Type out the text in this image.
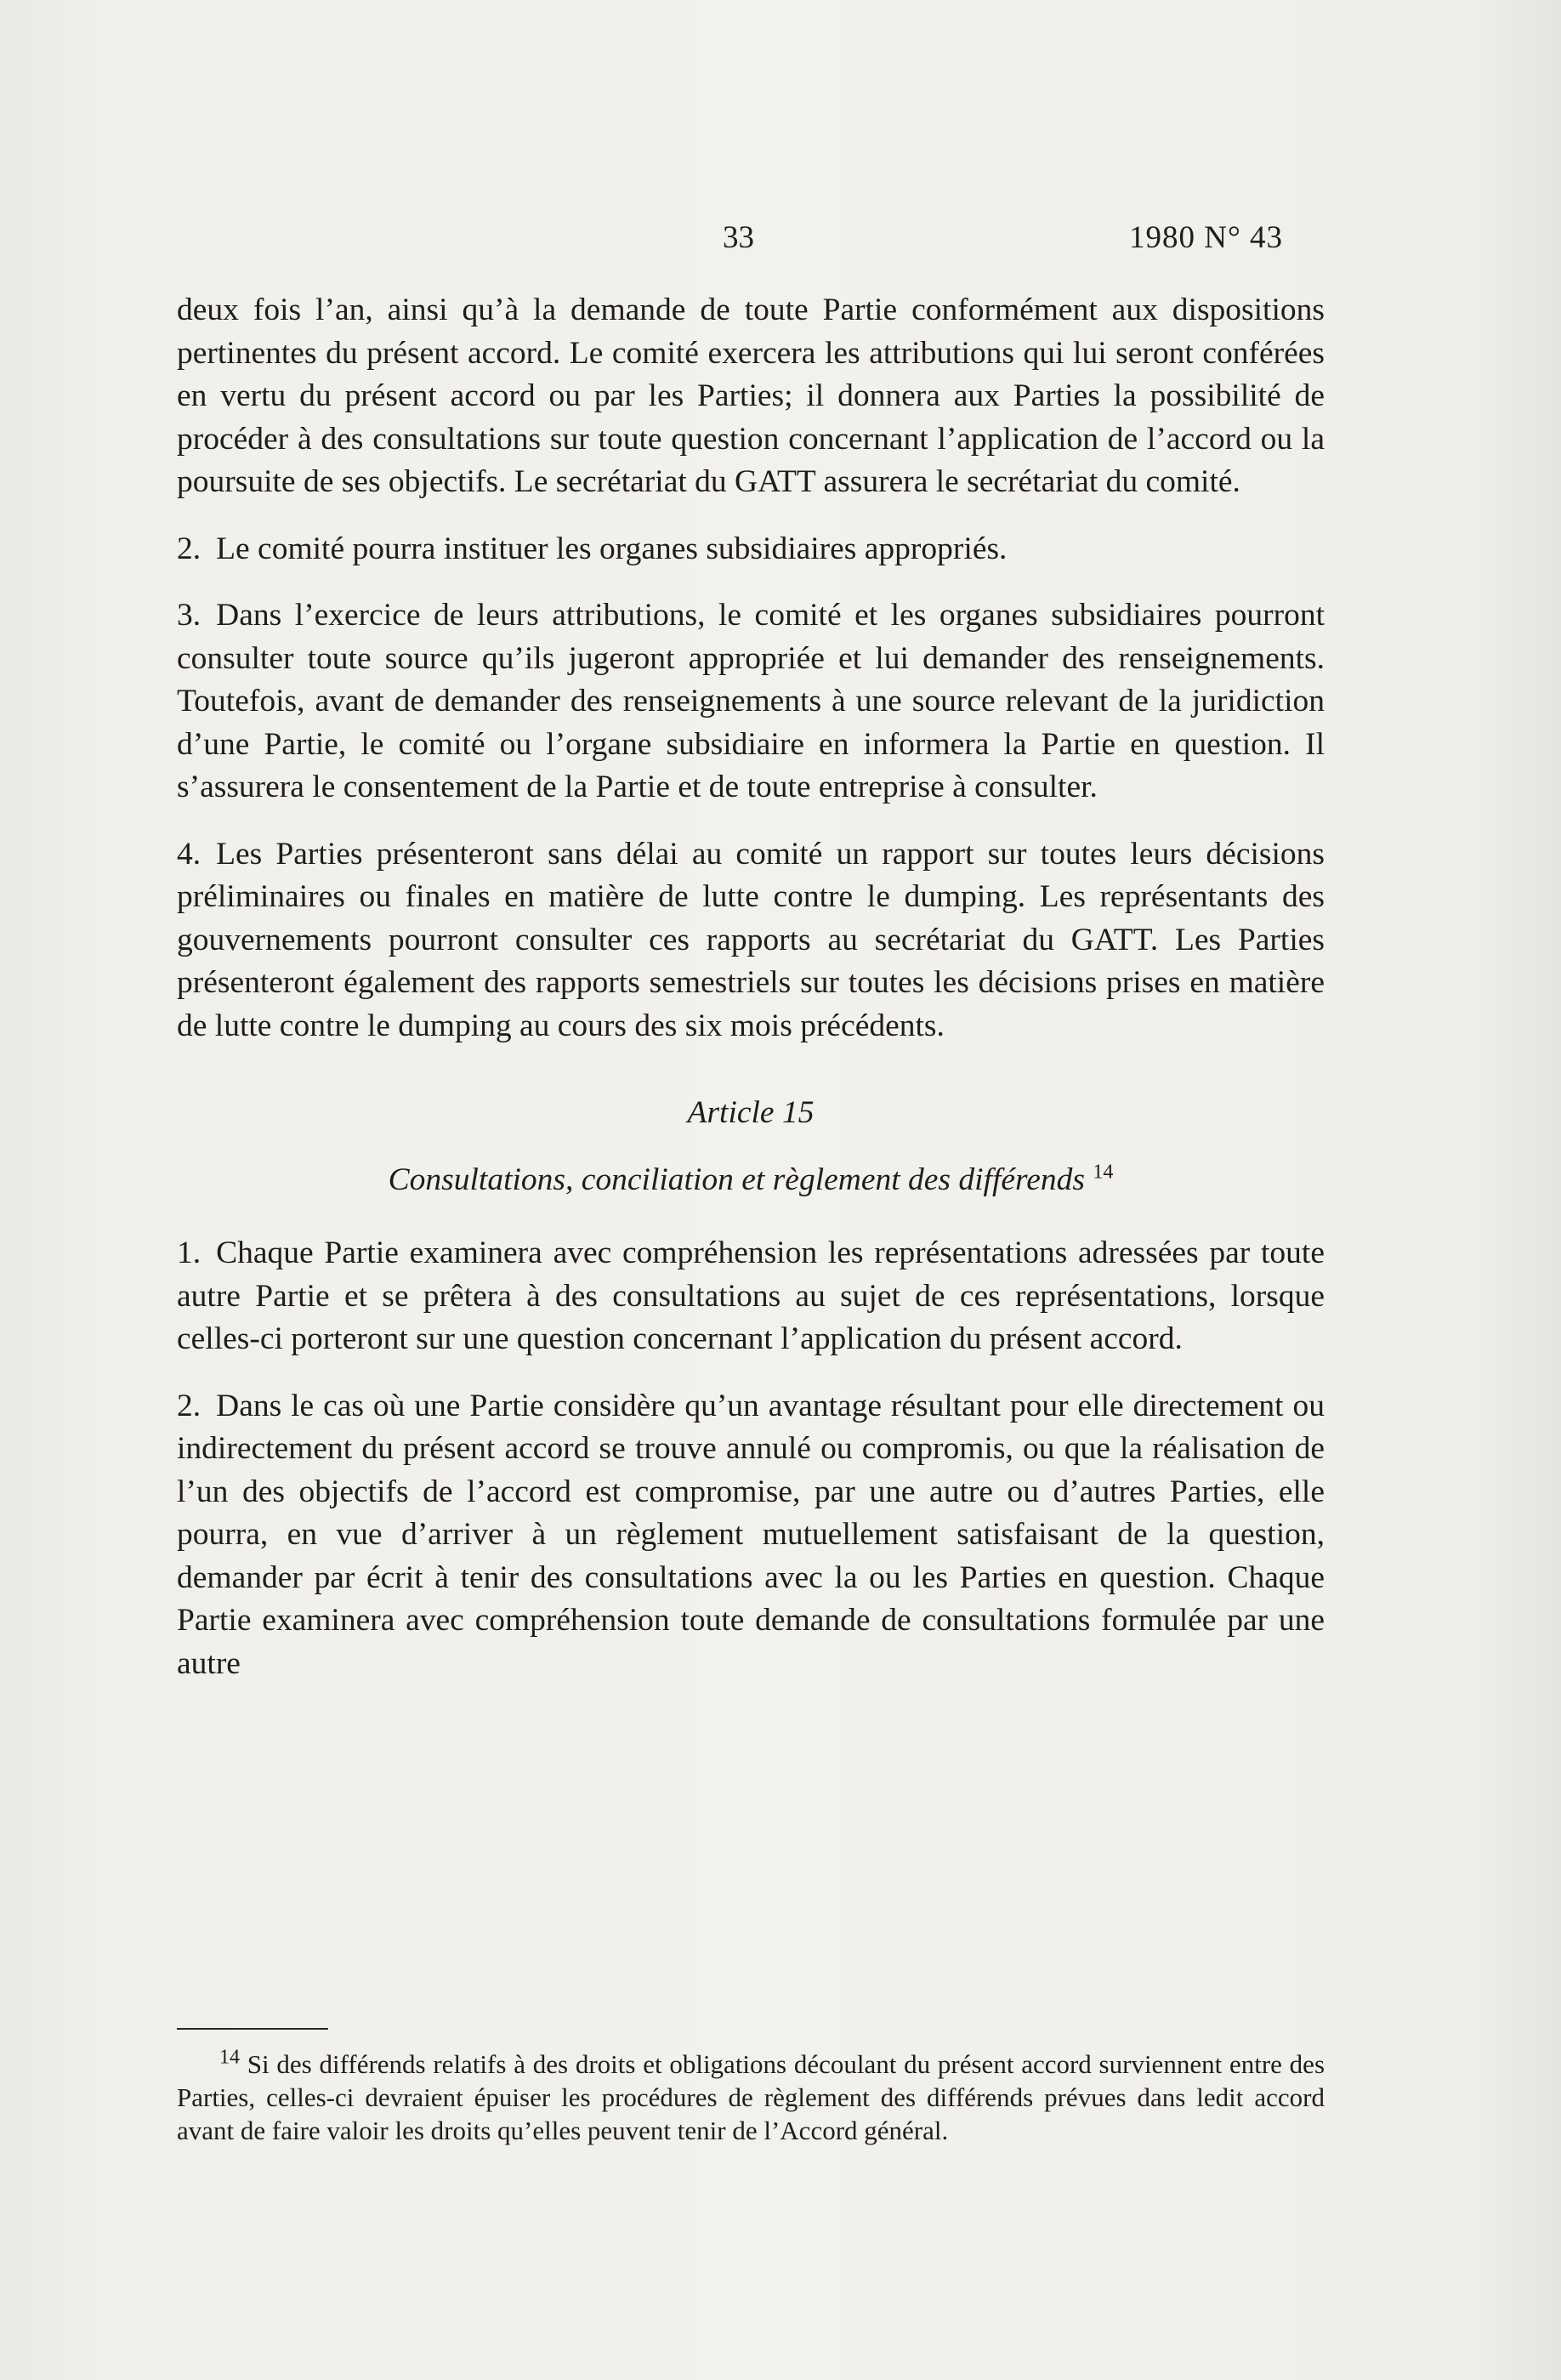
33	1980 N° 43

deux fois l’an, ainsi qu’à la demande de toute Partie conformément aux dispositions pertinentes du présent accord. Le comité exercera les attributions qui lui seront conférées en vertu du présent accord ou par les Parties; il donnera aux Parties la possibilité de procéder à des consultations sur toute question concernant l’application de l’accord ou la poursuite de ses objectifs. Le secrétariat du GATT assurera le secrétariat du comité.

2. Le comité pourra instituer les organes subsidiaires appropriés.

3. Dans l’exercice de leurs attributions, le comité et les organes subsidiaires pourront consulter toute source qu’ils jugeront appropriée et lui demander des renseignements. Toutefois, avant de demander des renseignements à une source relevant de la juridiction d’une Partie, le comité ou l’organe subsidiaire en informera la Partie en question. Il s’assurera le consentement de la Partie et de toute entreprise à consulter.

4. Les Parties présenteront sans délai au comité un rapport sur toutes leurs décisions préliminaires ou finales en matière de lutte contre le dumping. Les représentants des gouvernements pourront consulter ces rapports au secrétariat du GATT. Les Parties présenteront également des rapports semestriels sur toutes les décisions prises en matière de lutte contre le dumping au cours des six mois précédents.

Article 15
Consultations, conciliation et règlement des différends $^{14}$

1. Chaque Partie examinera avec compréhension les représentations adressées par toute autre Partie et se prêtera à des consultations au sujet de ces représentations, lorsque celles-ci porteront sur une question concernant l’application du présent accord.

2. Dans le cas où une Partie considère qu’un avantage résultant pour elle directement ou indirectement du présent accord se trouve annulé ou compromis, ou que la réalisation de l’un des objectifs de l’accord est compromise, par une autre ou d’autres Parties, elle pourra, en vue d’arriver à un règlement mutuellement satisfaisant de la question, demander par écrit à tenir des consultations avec la ou les Parties en question. Chaque Partie examinera avec compréhension toute demande de consultations formulée par une autre

$^{14}$ Si des différends relatifs à des droits et obligations découlant du présent accord surviennent entre des Parties, celles-ci devraient épuiser les procédures de règlement des différends prévues dans ledit accord avant de faire valoir les droits qu’elles peuvent tenir de l’Accord général.
